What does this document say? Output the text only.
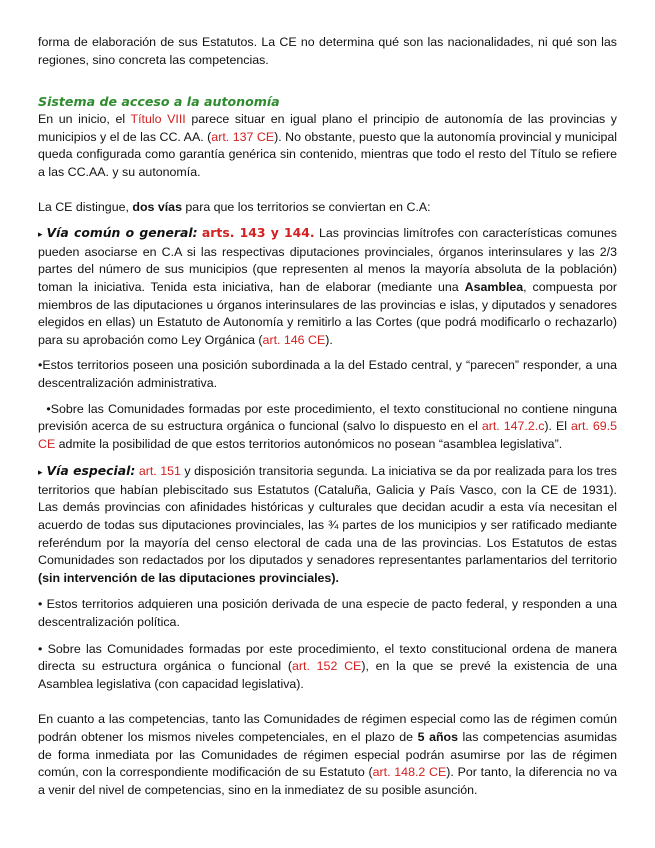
forma de elaboración de sus Estatutos. La CE no determina qué son las nacionalidades, ni qué son las regiones, sino concreta las competencias.

Sistema de acceso a la autonomía

En un inicio, el Título VIII parece situar en igual plano el principio de autonomía de las provincias y municipios y el de las CC. AA. (art. 137 CE). No obstante, puesto que la autonomía provincial y municipal queda configurada como garantía genérica sin contenido, mientras que todo el resto del Título se refiere a las CC.AA. y su autonomía.

La CE distingue, dos vías para que los territorios se conviertan en C.A:

▸ Vía común o general: arts. 143 y 144. Las provincias limítrofes con características comunes pueden asociarse en C.A si las respectivas diputaciones provinciales, órganos interinsulares y las 2/3 partes del número de sus municipios (que representen al menos la mayoría absoluta de la población) toman la iniciativa. Tenida esta iniciativa, han de elaborar (mediante una Asamblea, compuesta por miembros de las diputaciones u órganos interinsulares de las provincias e islas, y diputados y senadores elegidos en ellas) un Estatuto de Autonomía y remitirlo a las Cortes (que podrá modificarlo o rechazarlo) para su aprobación como Ley Orgánica (art. 146 CE).

•Estos territorios poseen una posición subordinada a la del Estado central, y “parecen” responder, a una descentralización administrativa.

•Sobre las Comunidades formadas por este procedimiento, el texto constitucional no contiene ninguna previsión acerca de su estructura orgánica o funcional (salvo lo dispuesto en el art. 147.2.c). El art. 69.5 CE admite la posibilidad de que estos territorios autonómicos no posean “asamblea legislativa”.

▸ Vía especial: art. 151 y disposición transitoria segunda. La iniciativa se da por realizada para los tres territorios que habían plebiscitado sus Estatutos (Cataluña, Galicia y País Vasco, con la CE de 1931). Las demás provincias con afinidades históricas y culturales que decidan acudir a esta vía necesitan el acuerdo de todas sus diputaciones provinciales, las ¾ partes de los municipios y ser ratificado mediante referéndum por la mayoría del censo electoral de cada una de las provincias. Los Estatutos de estas Comunidades son redactados por los diputados y senadores representantes parlamentarios del territorio (sin intervención de las diputaciones provinciales).

• Estos territorios adquieren una posición derivada de una especie de pacto federal, y responden a una descentralización política.

• Sobre las Comunidades formadas por este procedimiento, el texto constitucional ordena de manera directa su estructura orgánica o funcional (art. 152 CE), en la que se prevé la existencia de una Asamblea legislativa (con capacidad legislativa).

En cuanto a las competencias, tanto las Comunidades de régimen especial como las de régimen común podrán obtener los mismos niveles competenciales, en el plazo de 5 años las competencias asumidas de forma inmediata por las Comunidades de régimen especial podrán asumirse por las de régimen común, con la correspondiente modificación de su Estatuto (art. 148.2 CE). Por tanto, la diferencia no va a venir del nivel de competencias, sino en la inmediatez de su posible asunción.
